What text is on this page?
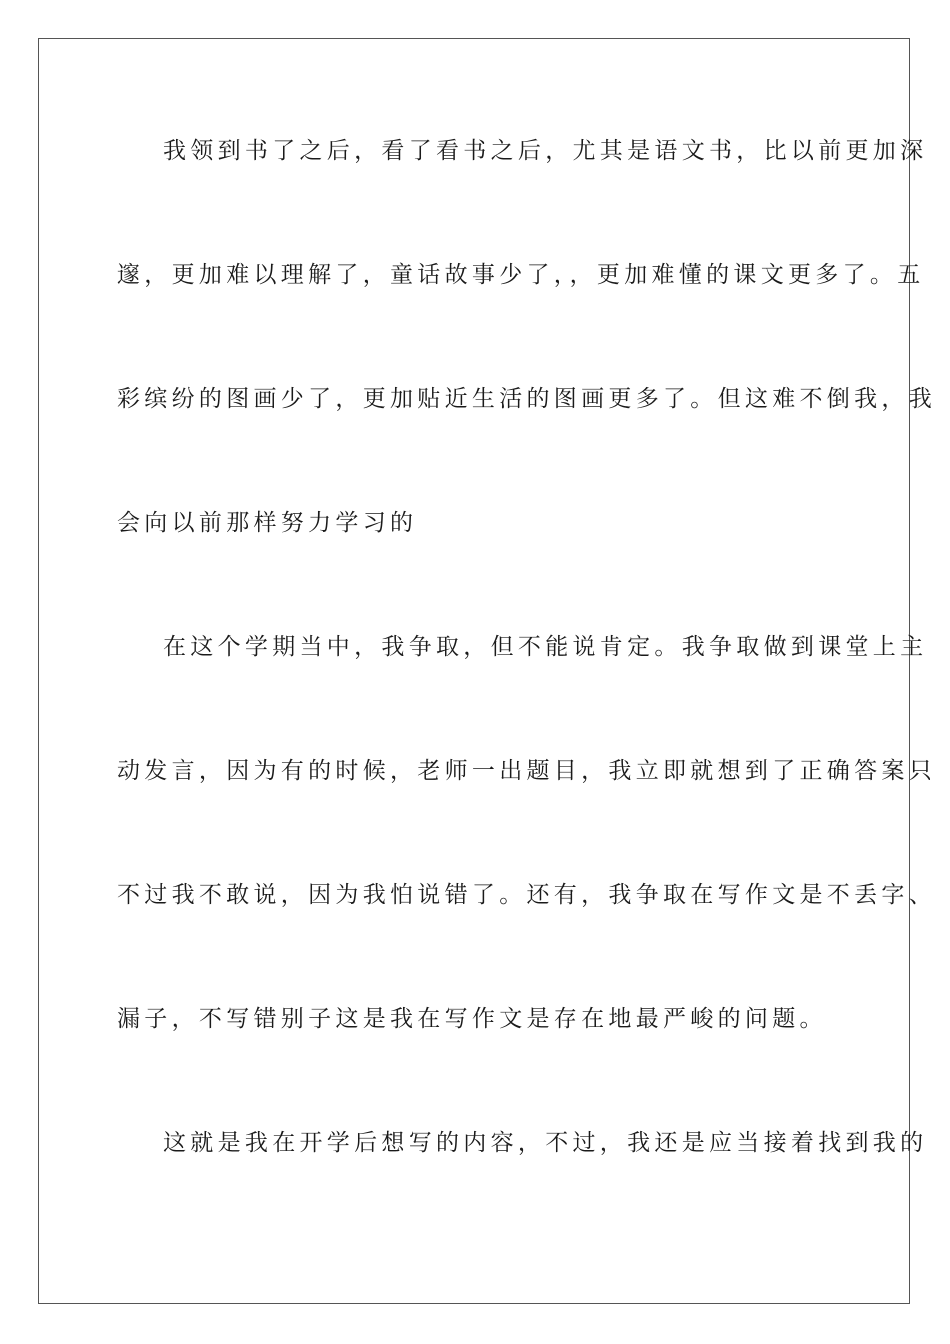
我领到书了之后，看了看书之后，尤其是语文书，比以前更加深
邃，更加难以理解了，童话故事少了，，更加难懂的课文更多了。五
彩缤纷的图画少了，更加贴近生活的图画更多了。但这难不倒我，我
会向以前那样努力学习的
在这个学期当中，我争取，但不能说肯定。我争取做到课堂上主
动发言，因为有的时候，老师一出题目，我立即就想到了正确答案只
不过我不敢说，因为我怕说错了。还有，我争取在写作文是不丢字、
漏子，不写错别子这是我在写作文是存在地最严峻的问题。
这就是我在开学后想写的内容，不过，我还是应当接着找到我的
